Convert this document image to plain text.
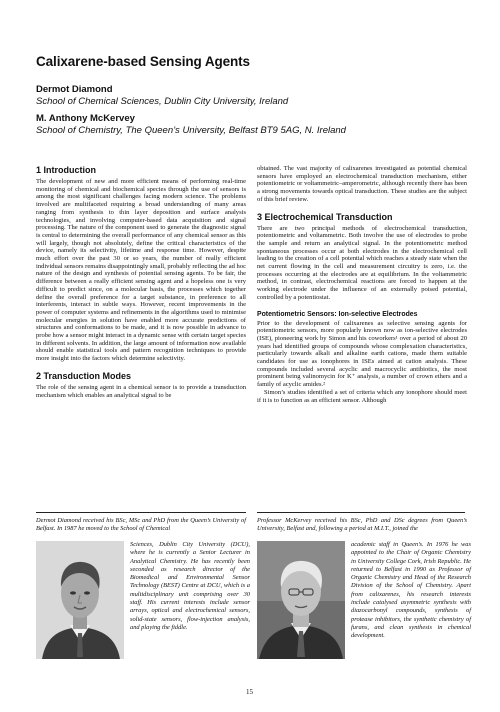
Calixarene-based Sensing Agents
Dermot Diamond
School of Chemical Sciences, Dublin City University, Ireland
M. Anthony McKervey
School of Chemistry, The Queen’s University, Belfast BT9 5AG, N. Ireland
1 Introduction

The development of new and more efficient means of performing real-time monitoring of chemical and biochemical species through the use of sensors is among the most significant challenges facing modern science. The problems involved are multifaceted requiring a broad understanding of many areas ranging from synthesis to thin layer deposition and surface analysis technologies, and involving computer-based data acquisition and signal processing. The nature of the component used to generate the diagnostic signal is central to determining the overall performance of any chemical sensor as this will largely, though not absolutely, define the critical characteristics of the device, namely its selectivity, lifetime and response time. However, despite much effort over the past 30 or so years, the number of really efficient individual sensors remains disappointingly small, probably reflecting the ad hoc nature of the design and synthesis of potential sensing agents. To be fair, the difference between a really efficient sensing agent and a hopeless one is very difficult to predict since, on a molecular basis, the processes which together define the overall preference for a target substance, in preference to all interferents, interact in subtle ways. However, recent improvements in the power of computer systems and refinements in the algorithms used to minimise molecular energies in solution have enabled more accurate predictions of structures and conformations to be made, and it is now possible in advance to probe how a sensor might interact in a dynamic sense with certain target species in different solvents. In addition, the large amount of information now available should enable statistical tools and pattern recognition techniques to provide more insight into the factors which determine selectivity.

2 Transduction Modes

The role of the sensing agent in a chemical sensor is to provide a transduction mechanism which enables an analytical signal to be

obtained. The vast majority of calixarenes investigated as potential chemical sensors have employed an electrochemical transduction mechanism, either potentiometric or voltammetric–amperometric, although recently there has been a strong movements towards optical transduction. These studies are the subject of this brief review.

3 Electrochemical Transduction

There are two principal methods of electrochemical transduction, potentiometric and voltammetric. Both involve the use of electrodes to probe the sample and return an analytical signal. In the potentiometric method spontaneous processes occur at both electrodes in the electrochemical cell leading to the creation of a cell potential which reaches a steady state when the net current flowing in the cell and measurement circuitry is zero, i.e. the processes occurring at the electrodes are at equilibrium. In the voltammetric method, in contrast, electrochemical reactions are forced to happen at the working electrode under the influence of an externally poised potential, controlled by a potentiostat.

Potentiometric Sensors: Ion-selective Electrodes

Prior to the development of calixarenes as selective sensing agents for potentiometric sensors, more popularly known now as ion-selective electrodes (ISE), pioneering work by Simon and his coworkers¹ over a period of about 20 years had identified groups of compounds whose complexation characteristics, particularly towards alkali and alkaline earth cations, made them suitable candidates for use as ionophores in ISEs aimed at cation analysis. These compounds included several acyclic and macrocyclic antibiotics, the most prominent being valinomycin for K⁺ analysis, a number of crown ethers and a family of acyclic amides.²

Simon’s studies identified a set of criteria which any ionophore should meet if it is to function as an efficient sensor. Although

Dermot Diamond received his BSc, MSc and PhD from the Queen’s University of Belfast. In 1987 he moved to the School of Chemical

Sciences, Dublin City University (DCU), where he is currently a Senior Lecturer in Analytical Chemistry. He has recently been seconded as research director of the Biomedical and Environmental Sensor Technology (BEST) Centre at DCU, which is a multidisciplinary unit comprising over 30 staff. His current interests include sensor arrays, optical and electrochemical sensors, solid-state sensors, flow-injection analysis, and playing the fiddle.

Professor McKervey received his BSc, PhD and DSc degrees from Queen’s University, Belfast and, following a period at M.I.T., joined the

academic staff in Queen’s. In 1976 he was appointed to the Chair of Organic Chemistry in University College Cork, Irish Republic. He returned to Belfast in 1990 as Professor of Organic Chemistry and Head of the Research Division of the School of Chemistry. Apart from calixarenes, his research interests include catalysed asymmetric synthesis with diazocarbonyl compounds, synthesis of protease inhibitors, the synthetic chemistry of furans, and clean synthesis in chemical development.

15
